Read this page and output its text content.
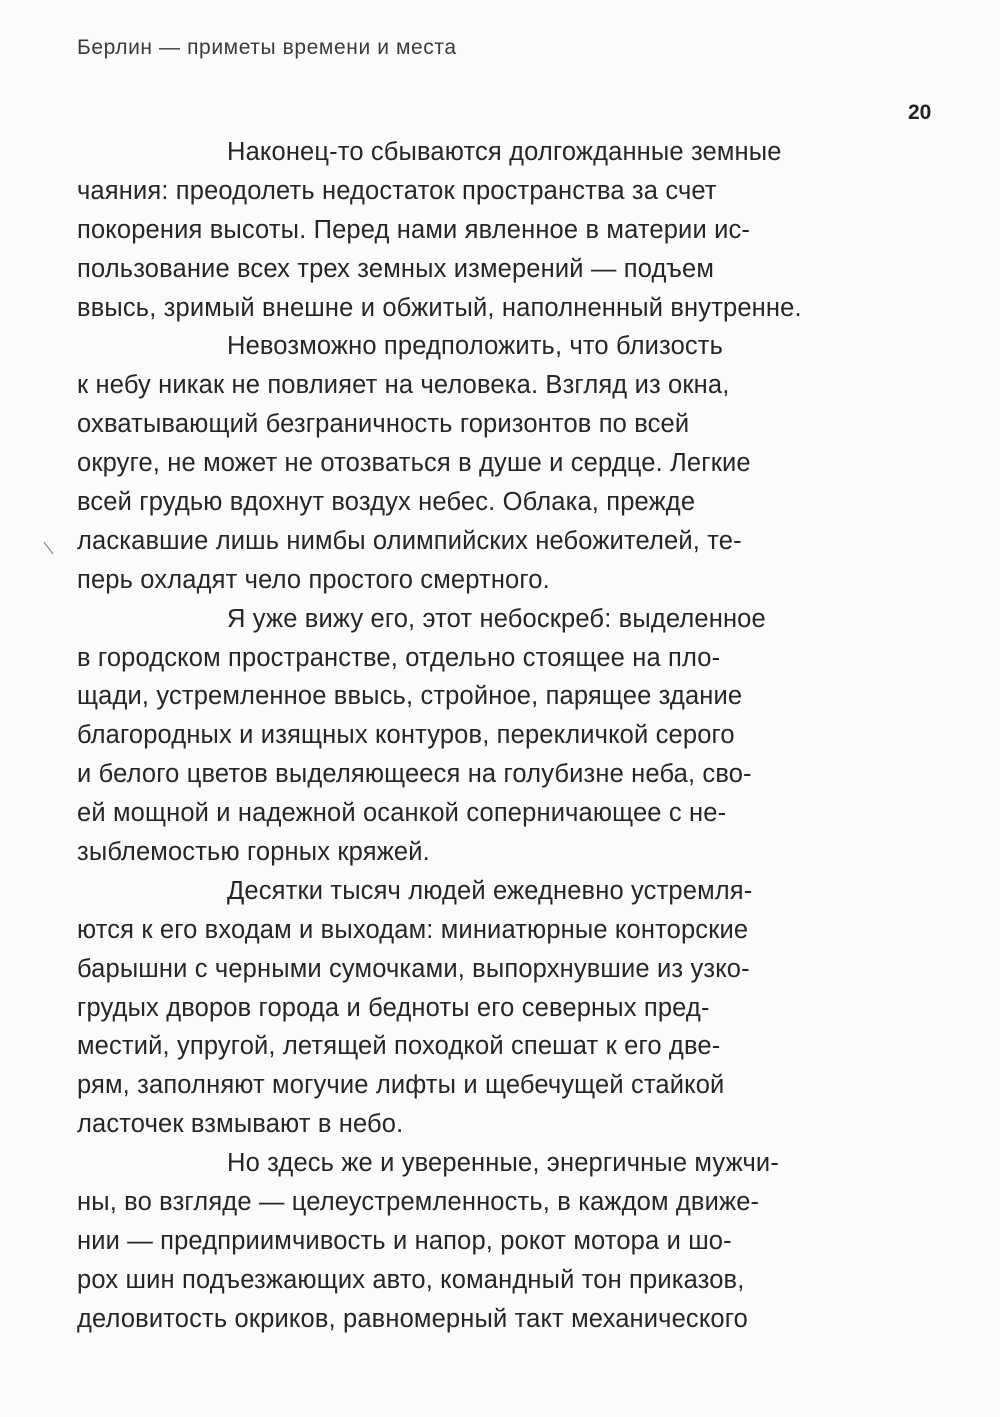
Берлин — приметы времени и места
20
Наконец-то сбываются долгожданные земные
чаяния: преодолеть недостаток пространства за счет
покорения высоты. Перед нами явленное в материи ис-
пользование всех трех земных измерений — подъем
ввысь, зримый внешне и обжитый, наполненный внутренне.
Невозможно предположить, что близость
к небу никак не повлияет на человека. Взгляд из окна,
охватывающий безграничность горизонтов по всей
округе, не может не отозваться в душе и сердце. Легкие
всей грудью вдохнут воздух небес. Облака, прежде
ласкавшие лишь нимбы олимпийских небожителей, те-
перь охладят чело простого смертного.
Я уже вижу его, этот небоскреб: выделенное
в городском пространстве, отдельно стоящее на пло-
щади, устремленное ввысь, стройное, парящее здание
благородных и изящных контуров, перекличкой серого
и белого цветов выделяющееся на голубизне неба, сво-
ей мощной и надежной осанкой соперничающее с не-
зыблемостью горных кряжей.
Десятки тысяч людей ежедневно устремля-
ются к его входам и выходам: миниатюрные конторские
барышни с черными сумочками, выпорхнувшие из узко-
грудых дворов города и бедноты его северных пред-
местий, упругой, летящей походкой спешат к его две-
рям, заполняют могучие лифты и щебечущей стайкой
ласточек взмывают в небо.
Но здесь же и уверенные, энергичные мужчи-
ны, во взгляде — целеустремленность, в каждом движе-
нии — предприимчивость и напор, рокот мотора и шо-
рох шин подъезжающих авто, командный тон приказов,
деловитость окриков, равномерный такт механического
